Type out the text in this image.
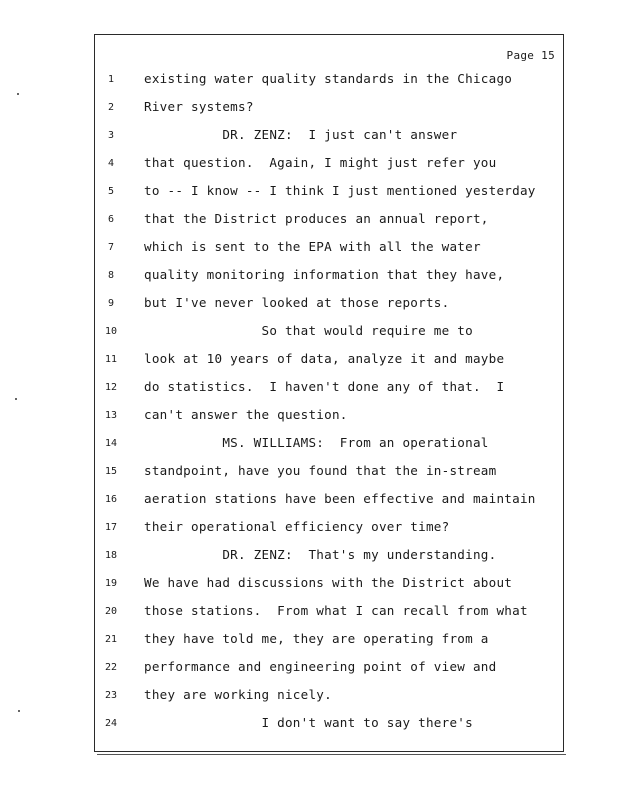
Page 15
1	existing water quality standards in the Chicago
2	River systems?
3	DR. ZENZ:  I just can't answer
4	that question.  Again, I might just refer you
5	to -- I know -- I think I just mentioned yesterday
6	that the District produces an annual report,
7	which is sent to the EPA with all the water
8	quality monitoring information that they have,
9	but I've never looked at those reports.
10	So that would require me to
11	look at 10 years of data, analyze it and maybe
12	do statistics.  I haven't done any of that.  I
13	can't answer the question.
14	MS. WILLIAMS:  From an operational
15	standpoint, have you found that the in-stream
16	aeration stations have been effective and maintain
17	their operational efficiency over time?
18	DR. ZENZ:  That's my understanding.
19	We have had discussions with the District about
20	those stations.  From what I can recall from what
21	they have told me, they are operating from a
22	performance and engineering point of view and
23	they are working nicely.
24	I don't want to say there's
